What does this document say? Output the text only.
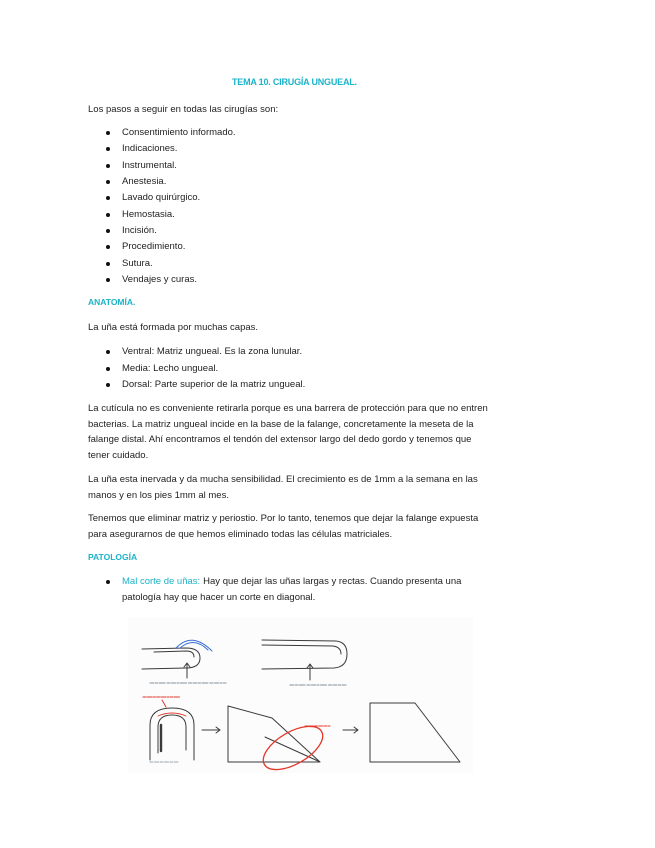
TEMA 10. CIRUGÍA UNGUEAL.
Los pasos a seguir en todas las cirugías son:
Consentimiento informado.
Indicaciones.
Instrumental.
Anestesia.
Lavado quirúrgico.
Hemostasia.
Incisión.
Procedimiento.
Sutura.
Vendajes y curas.
ANATOMÍA.
La uña está formada por muchas capas.
Ventral: Matriz ungueal. Es la zona lunular.
Media: Lecho ungueal.
Dorsal: Parte superior de la matriz ungueal.
La cutícula no es conveniente retirarla porque es una barrera de protección para que no entren
bacterias. La matriz ungueal incide en la base de la falange, concretamente la meseta de la
falange distal. Ahí encontramos el tendón del extensor largo del dedo gordo y tenemos que
tener cuidado.
La uña esta inervada y da mucha sensibilidad. El crecimiento es de 1mm a la semana en las
manos y en los pies 1mm al mes.
Tenemos que eliminar matriz y periostio. Por lo tanto, tenemos que dejar la falange expuesta
para asegurarnos de que hemos eliminado todas las células matriciales.
PATOLOGÍA
Mal corte de uñas: Hay que dejar las uñas largas y rectas. Cuando presenta una
patología hay que hacer un corte en diagonal.
